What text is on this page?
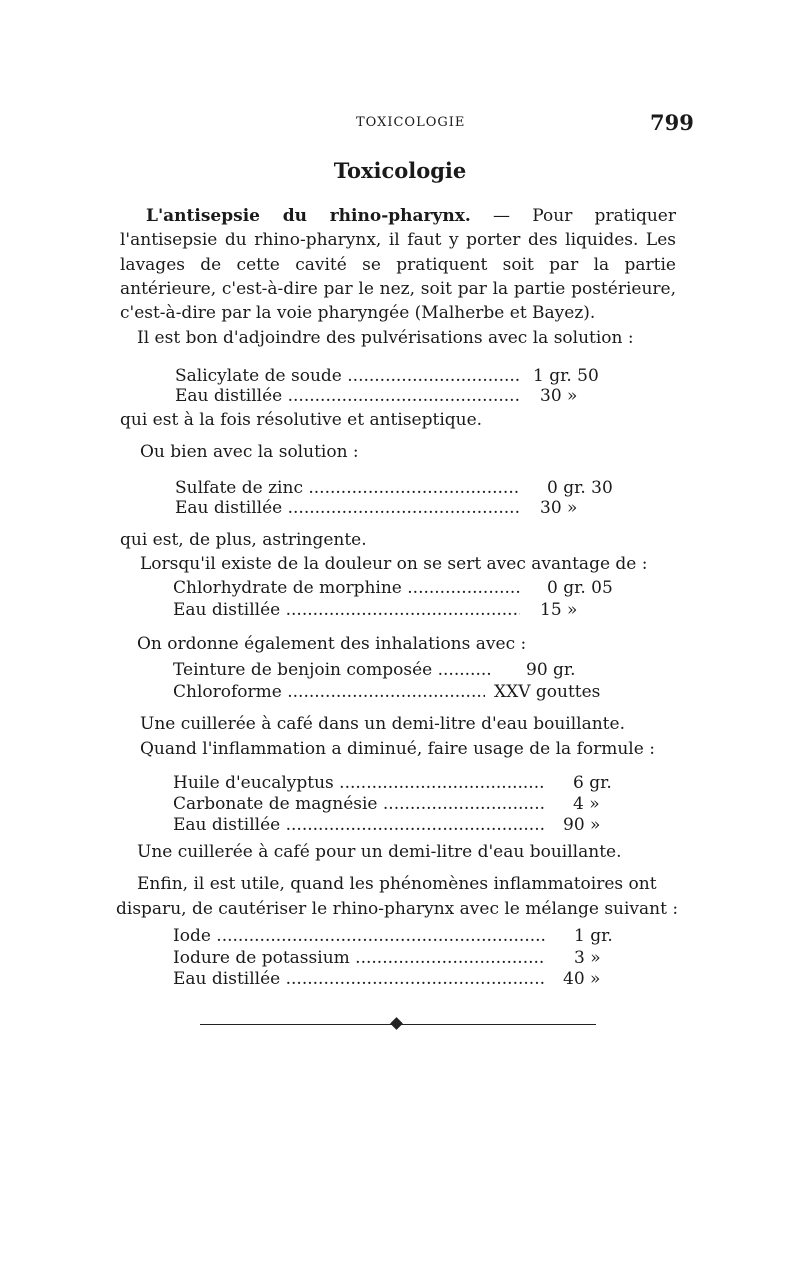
TOXICOLOGIE	799
Toxicologie
L'antisepsie du rhino-pharynx. — Pour pratiquer l'antisepsie du rhino-pharynx, il faut y porter des liquides. Les lavages de cette cavité se pratiquent soit par la partie antérieure, c'est-à-dire par le nez, soit par la partie postérieure, c'est-à-dire par la voie pharyngée (Malherbe et Bayez).
Il est bon d'adjoindre des pulvérisations avec la solution :
Salicylate de soude .....	1 gr. 50
Eau distillée .....	30 »
qui est à la fois résolutive et antiseptique.
Ou bien avec la solution :
Sulfate de zinc .....	0 gr. 30
Eau distillée .....	30 »
qui est, de plus, astringente.
Lorsqu'il existe de la douleur on se sert avec avantage de :
Chlorhydrate de morphine .....	0 gr. 05
Eau distillée .....	15 »
On ordonne également des inhalations avec :
Teinture de benjoin composée .....	90 gr.
Chloroforme .....	XXV gouttes
Une cuillerée à café dans un demi-litre d'eau bouillante.
Quand l'inflammation a diminué, faire usage de la formule :
Huile d'eucalyptus .....	6 gr.
Carbonate de magnésie .....	4 »
Eau distillée .....	90 »
Une cuillerée à café pour un demi-litre d'eau bouillante.
Enfin, il est utile, quand les phénomènes inflammatoires ont
disparu, de cautériser le rhino-pharynx avec le mélange suivant :
Iode .....	1 gr.
Iodure de potassium .....	3 »
Eau distillée .....	40 »
